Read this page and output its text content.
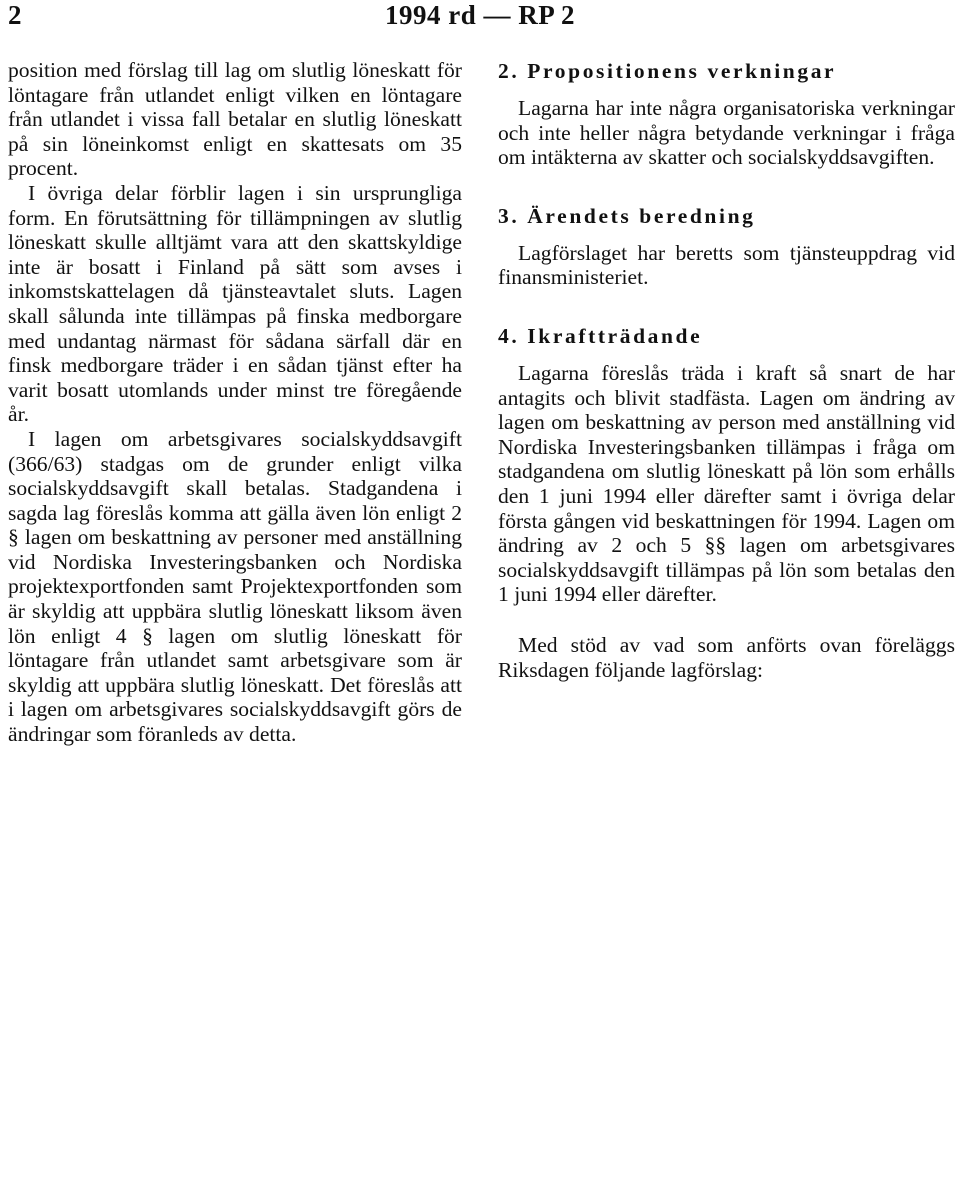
2	1994 rd — RP 2

position med förslag till lag om slutlig löneskatt för löntagare från utlandet enligt vilken en löntagare från utlandet i vissa fall betalar en slutlig löneskatt på sin löneinkomst enligt en skattesats om 35 procent.

I övriga delar förblir lagen i sin ursprungliga form. En förutsättning för tillämpningen av slutlig löneskatt skulle alltjämt vara att den skattskyldige inte är bosatt i Finland på sätt som avses i inkomstskattelagen då tjänsteavtalet sluts. Lagen skall sålunda inte tillämpas på finska medborgare med undantag närmast för sådana särfall där en finsk medborgare träder i en sådan tjänst efter ha varit bosatt utomlands under minst tre föregående år.

I lagen om arbetsgivares socialskyddsavgift (366/63) stadgas om de grunder enligt vilka socialskyddsavgift skall betalas. Stadgandena i sagda lag föreslås komma att gälla även lön enligt 2 § lagen om beskattning av personer med anställning vid Nordiska Investeringsbanken och Nordiska projektexportfonden samt Projektexportfonden som är skyldig att uppbära slutlig löneskatt liksom även lön enligt 4 § lagen om slutlig löneskatt för löntagare från utlandet samt arbetsgivare som är skyldig att uppbära slutlig löneskatt. Det föreslås att i lagen om arbetsgivares socialskyddsavgift görs de ändringar som föranleds av detta.

2. Propositionens verkningar

Lagarna har inte några organisatoriska verkningar och inte heller några betydande verkningar i fråga om intäkterna av skatter och socialskyddsavgiften.

3. Ärendets beredning

Lagförslaget har beretts som tjänsteuppdrag vid finansministeriet.

4. Ikraftträdande

Lagarna föreslås träda i kraft så snart de har antagits och blivit stadfästa. Lagen om ändring av lagen om beskattning av person med anställning vid Nordiska Investeringsbanken tillämpas i fråga om stadgandena om slutlig löneskatt på lön som erhålls den 1 juni 1994 eller därefter samt i övriga delar första gången vid beskattningen för 1994. Lagen om ändring av 2 och 5 §§ lagen om arbetsgivares socialskyddsavgift tillämpas på lön som betalas den 1 juni 1994 eller därefter.

Med stöd av vad som anförts ovan föreläggs Riksdagen följande lagförslag:
